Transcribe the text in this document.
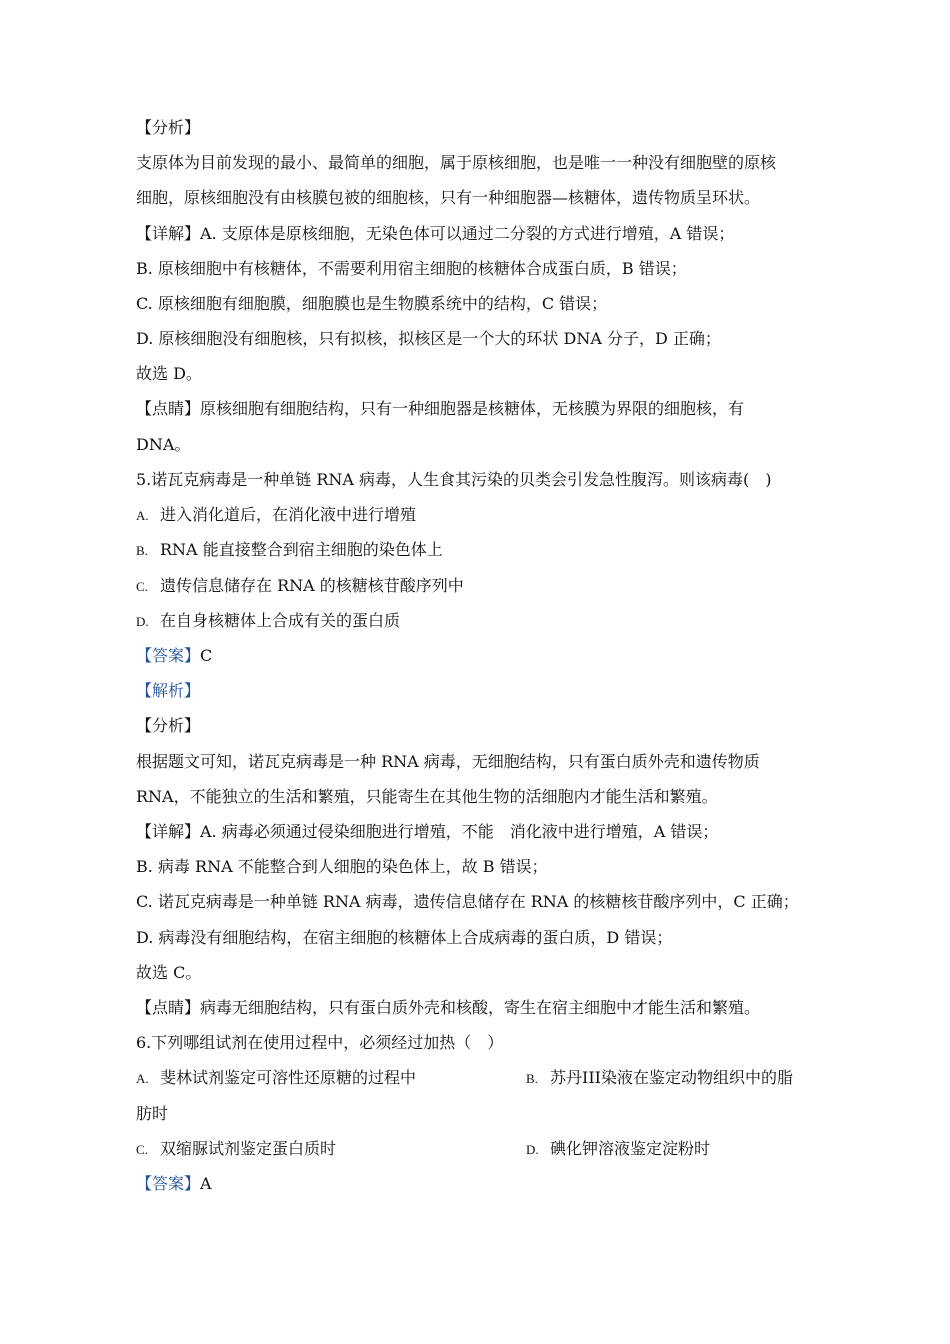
【分析】
支原体为目前发现的最小、最简单的细胞，属于原核细胞，也是唯一一种没有细胞壁的原核
细胞，原核细胞没有由核膜包被的细胞核，只有一种细胞器—核糖体，遗传物质呈环状。
【详解】A. 支原体是原核细胞，无染色体可以通过二分裂的方式进行增殖，A 错误；
B. 原核细胞中有核糖体，不需要利用宿主细胞的核糖体合成蛋白质，B 错误；
C. 原核细胞有细胞膜，细胞膜也是生物膜系统中的结构，C 错误；
D. 原核细胞没有细胞核，只有拟核，拟核区是一个大的环状 DNA 分子，D 正确；
故选 D。
【点睛】原核细胞有细胞结构，只有一种细胞器是核糖体，无核膜为界限的细胞核，有
DNA。
5.诺瓦克病毒是一种单链 RNA 病毒，人生食其污染的贝类会引发急性腹泻。则该病毒(　)
A. 进入消化道后，在消化液中进行增殖
B. RNA 能直接整合到宿主细胞的染色体上
C. 遗传信息储存在 RNA 的核糖核苷酸序列中
D. 在自身核糖体上合成有关的蛋白质
【答案】C
【解析】
【分析】
根据题文可知，诺瓦克病毒是一种 RNA 病毒，无细胞结构，只有蛋白质外壳和遗传物质
RNA，不能独立的生活和繁殖，只能寄生在其他生物的活细胞内才能生活和繁殖。
【详解】A. 病毒必须通过侵染细胞进行增殖，不能　消化液中进行增殖，A 错误；
B. 病毒 RNA 不能整合到人细胞的染色体上，故 B 错误；
C. 诺瓦克病毒是一种单链 RNA 病毒，遗传信息储存在 RNA 的核糖核苷酸序列中，C 正确；
D. 病毒没有细胞结构，在宿主细胞的核糖体上合成病毒的蛋白质，D 错误；
故选 C。
【点睛】病毒无细胞结构，只有蛋白质外壳和核酸，寄生在宿主细胞中才能生活和繁殖。
6.下列哪组试剂在使用过程中，必须经过加热（　）
A. 斐林试剂鉴定可溶性还原糖的过程中	B. 苏丹III染液在鉴定动物组织中的脂
肪时
C. 双缩脲试剂鉴定蛋白质时	D. 碘化钾溶液鉴定淀粉时
【答案】A
